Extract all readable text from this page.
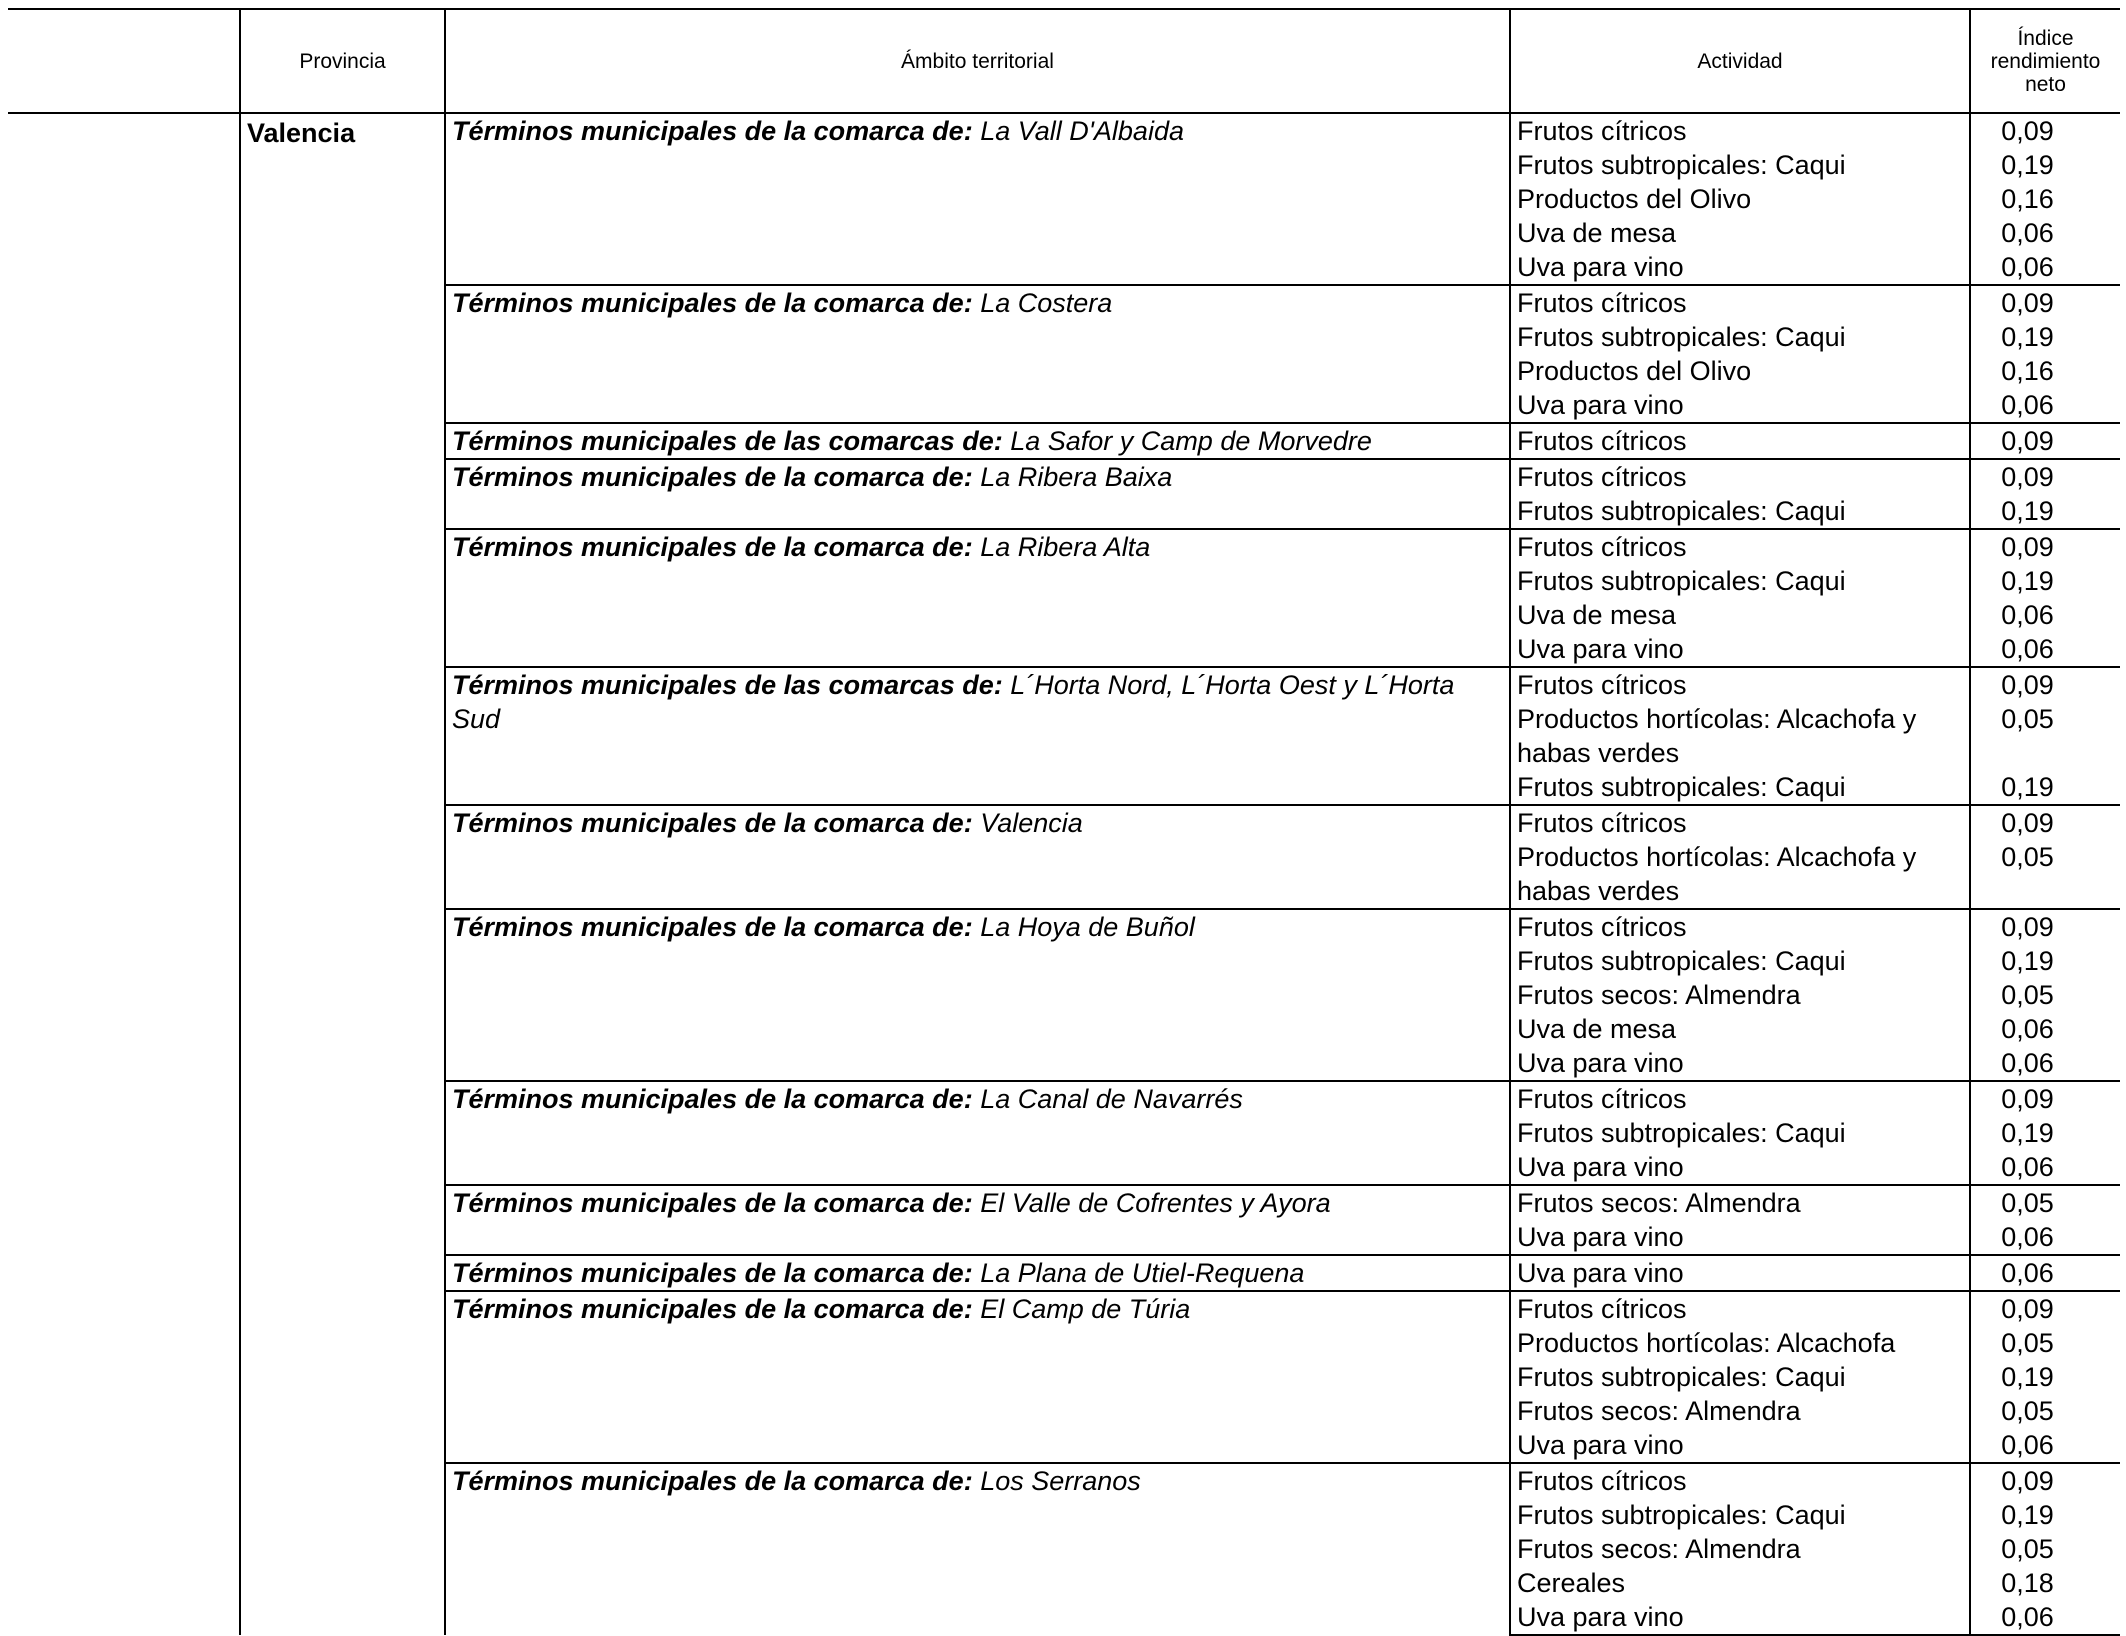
	Provincia	Ámbito territorial	Actividad	Índice rendimiento neto
	Valencia	Términos municipales de la comarca de: La Vall D'Albaida	Frutos cítricos	0,09
			Frutos subtropicales: Caqui	0,19
			Productos del Olivo	0,16
			Uva de mesa	0,06
			Uva para vino	0,06
		Términos municipales de la comarca de: La Costera	Frutos cítricos	0,09
			Frutos subtropicales: Caqui	0,19
			Productos del Olivo	0,16
			Uva para vino	0,06
		Términos municipales de las comarcas de: La Safor y Camp de Morvedre	Frutos cítricos	0,09
		Términos municipales de la comarca de: La Ribera Baixa	Frutos cítricos	0,09
			Frutos subtropicales: Caqui	0,19
		Términos municipales de la comarca de: La Ribera Alta	Frutos cítricos	0,09
			Frutos subtropicales: Caqui	0,19
			Uva de mesa	0,06
			Uva para vino	0,06
		Términos municipales de las comarcas de: L´Horta Nord, L´Horta Oest y L´Horta Sud	Frutos cítricos	0,09
			Productos hortícolas: Alcachofa y habas verdes	0,05
			Frutos subtropicales: Caqui	0,19
		Términos municipales de la comarca de: Valencia	Frutos cítricos	0,09
			Productos hortícolas: Alcachofa y habas verdes	0,05
		Términos municipales de la comarca de: La Hoya de Buñol	Frutos cítricos	0,09
			Frutos subtropicales: Caqui	0,19
			Frutos secos: Almendra	0,05
			Uva de mesa	0,06
			Uva para vino	0,06
		Términos municipales de la comarca de: La Canal de Navarrés	Frutos cítricos	0,09
			Frutos subtropicales: Caqui	0,19
			Uva para vino	0,06
		Términos municipales de la comarca de: El Valle de Cofrentes y Ayora	Frutos secos: Almendra	0,05
			Uva para vino	0,06
		Términos municipales de la comarca de: La Plana de Utiel-Requena	Uva para vino	0,06
		Términos municipales de la comarca de: El Camp de Túria	Frutos cítricos	0,09
			Productos hortícolas: Alcachofa	0,05
			Frutos subtropicales: Caqui	0,19
			Frutos secos: Almendra	0,05
			Uva para vino	0,06
		Términos municipales de la comarca de: Los Serranos	Frutos cítricos	0,09
			Frutos subtropicales: Caqui	0,19
			Frutos secos: Almendra	0,05
			Cereales	0,18
			Uva para vino	0,06
